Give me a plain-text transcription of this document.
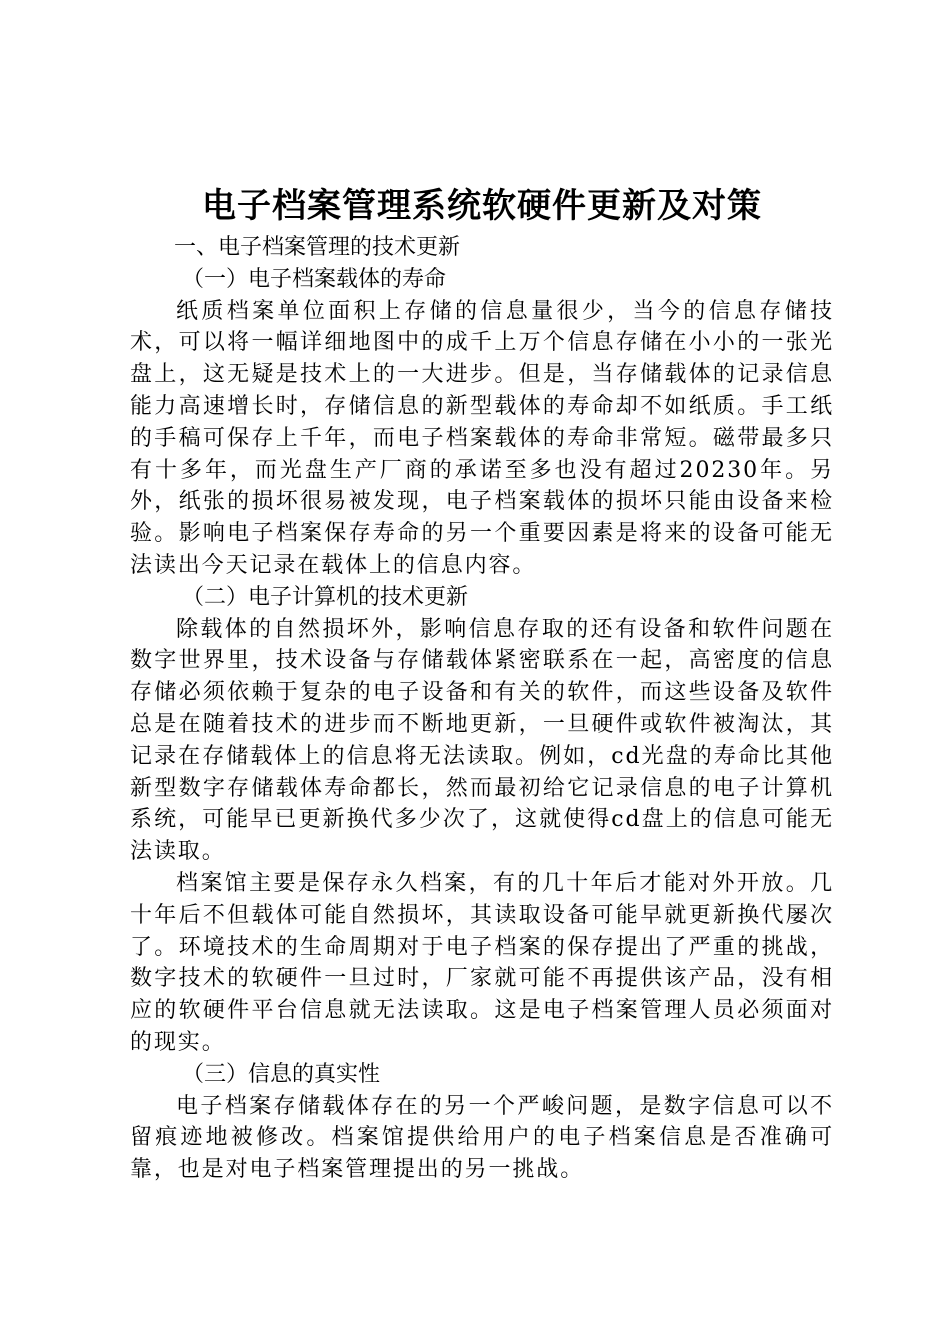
电子档案管理系统软硬件更新及对策
一、电子档案管理的技术更新
（一）电子档案载体的寿命

纸质档案单位面积上存储的信息量很少，当今的信息存储技术，可以将一幅详细地图中的成千上万个信息存储在小小的一张光盘上，这无疑是技术上的一大进步。但是，当存储载体的记录信息能力高速增长时，存储信息的新型载体的寿命却不如纸质。手工纸的手稿可保存上千年，而电子档案载体的寿命非常短。磁带最多只有十多年，而光盘生产厂商的承诺至多也没有超过20230年。另外，纸张的损坏很易被发现，电子档案载体的损坏只能由设备来检验。影响电子档案保存寿命的另一个重要因素是将来的设备可能无法读出今天记录在载体上的信息内容。

（二）电子计算机的技术更新

除载体的自然损坏外，影响信息存取的还有设备和软件问题在数字世界里，技术设备与存储载体紧密联系在一起，高密度的信息存储必须依赖于复杂的电子设备和有关的软件，而这些设备及软件总是在随着技术的进步而不断地更新，一旦硬件或软件被淘汰，其记录在存储载体上的信息将无法读取。例如，cd光盘的寿命比其他新型数字存储载体寿命都长，然而最初给它记录信息的电子计算机系统，可能早已更新换代多少次了，这就使得cd盘上的信息可能无法读取。

档案馆主要是保存永久档案，有的几十年后才能对外开放。几十年后不但载体可能自然损坏，其读取设备可能早就更新换代屡次了。环境技术的生命周期对于电子档案的保存提出了严重的挑战，数字技术的软硬件一旦过时，厂家就可能不再提供该产品，没有相应的软硬件平台信息就无法读取。这是电子档案管理人员必须面对的现实。

（三）信息的真实性

电子档案存储载体存在的另一个严峻问题，是数字信息可以不留痕迹地被修改。档案馆提供给用户的电子档案信息是否准确可靠，也是对电子档案管理提出的另一挑战。
